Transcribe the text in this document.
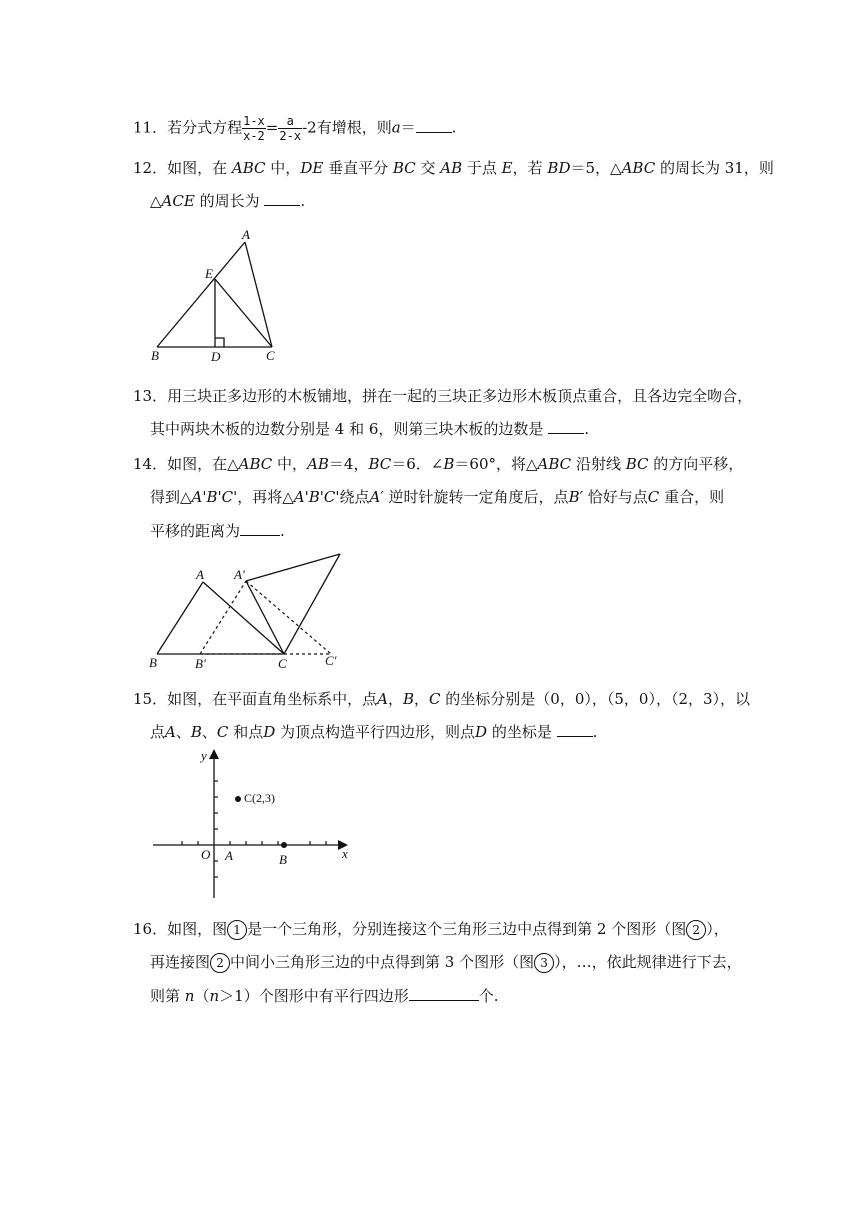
11．若分式方程 $\frac{1-x}{x-2} = \frac{a}{2-x} -2$有增根，则a＝ .
12．如图，在 ABC 中，DE 垂直平分 BC 交 AB 于点 E，若 BD＝5，△ABC 的周长为 31，则
△ACE 的周长为	.
A
E
B	D	C
13．用三块正多边形的木板铺地，拼在一起的三块正多边形木板顶点重合，且各边完全吻合，
其中两块木板的边数分别是 4 和 6，则第三块木板的边数是	.
14．如图，在△ABC 中，AB＝4，BC＝6．∠B＝60°，将△ABC 沿射线 BC 的方向平移，
得到△A'B'C'，再将△A'B'C'绕点A′ 逆时针旋转一定角度后，点B′ 恰好与点C 重合，则
平移的距离为	.
A A′
B	B′	C	C′
15．如图，在平面直角坐标系中，点A，B，C 的坐标分别是（0，0），（5，0），（2，3），以
点A、B、C 和点D 为顶点构造平行四边形，则点D 的坐标是	.
y
x
O A	B
C(2,3)
16．如图，图 1 是一个三角形，分别连接这个三角形三边中点得到第 2 个图形（图 2 ），
再连接图 2 中间小三角形三边的中点得到第 3 个图形（图 3 ），…，依此规律进行下去，
则第 n（n＞1）个图形中有平行四边形	个.
